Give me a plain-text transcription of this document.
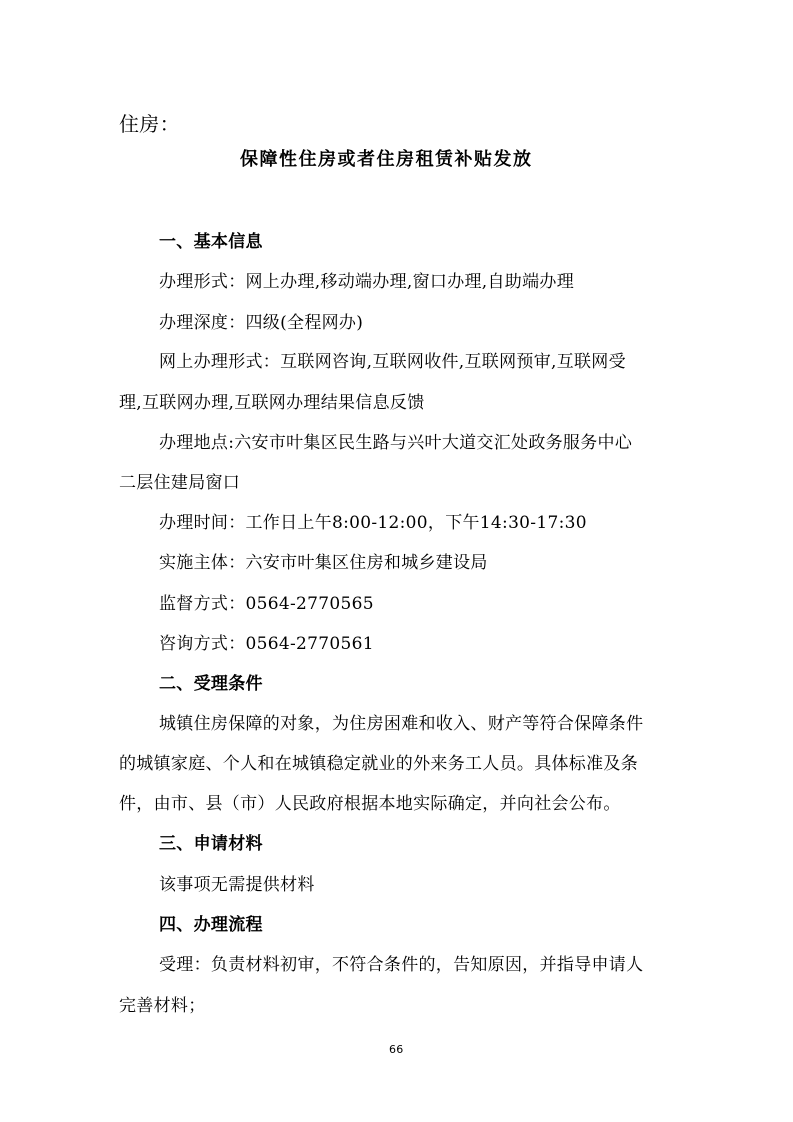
住房：
保障性住房或者住房租赁补贴发放
一、基本信息
办理形式：网上办理,移动端办理,窗口办理,自助端办理
办理深度：四级(全程网办)
网上办理形式：互联网咨询,互联网收件,互联网预审,互联网受
理,互联网办理,互联网办理结果信息反馈
办理地点:六安市叶集区民生路与兴叶大道交汇处政务服务中心
二层住建局窗口
办理时间：工作日上午8:00-12:00，下午14:30-17:30
实施主体：六安市叶集区住房和城乡建设局
监督方式：0564-2770565
咨询方式：0564-2770561
二、受理条件
城镇住房保障的对象，为住房困难和收入、财产等符合保障条件
的城镇家庭、个人和在城镇稳定就业的外来务工人员。具体标准及条
件，由市、县（市）人民政府根据本地实际确定，并向社会公布。
三、申请材料
该事项无需提供材料
四、办理流程
受理：负责材料初审，不符合条件的，告知原因，并指导申请人
完善材料；
66
